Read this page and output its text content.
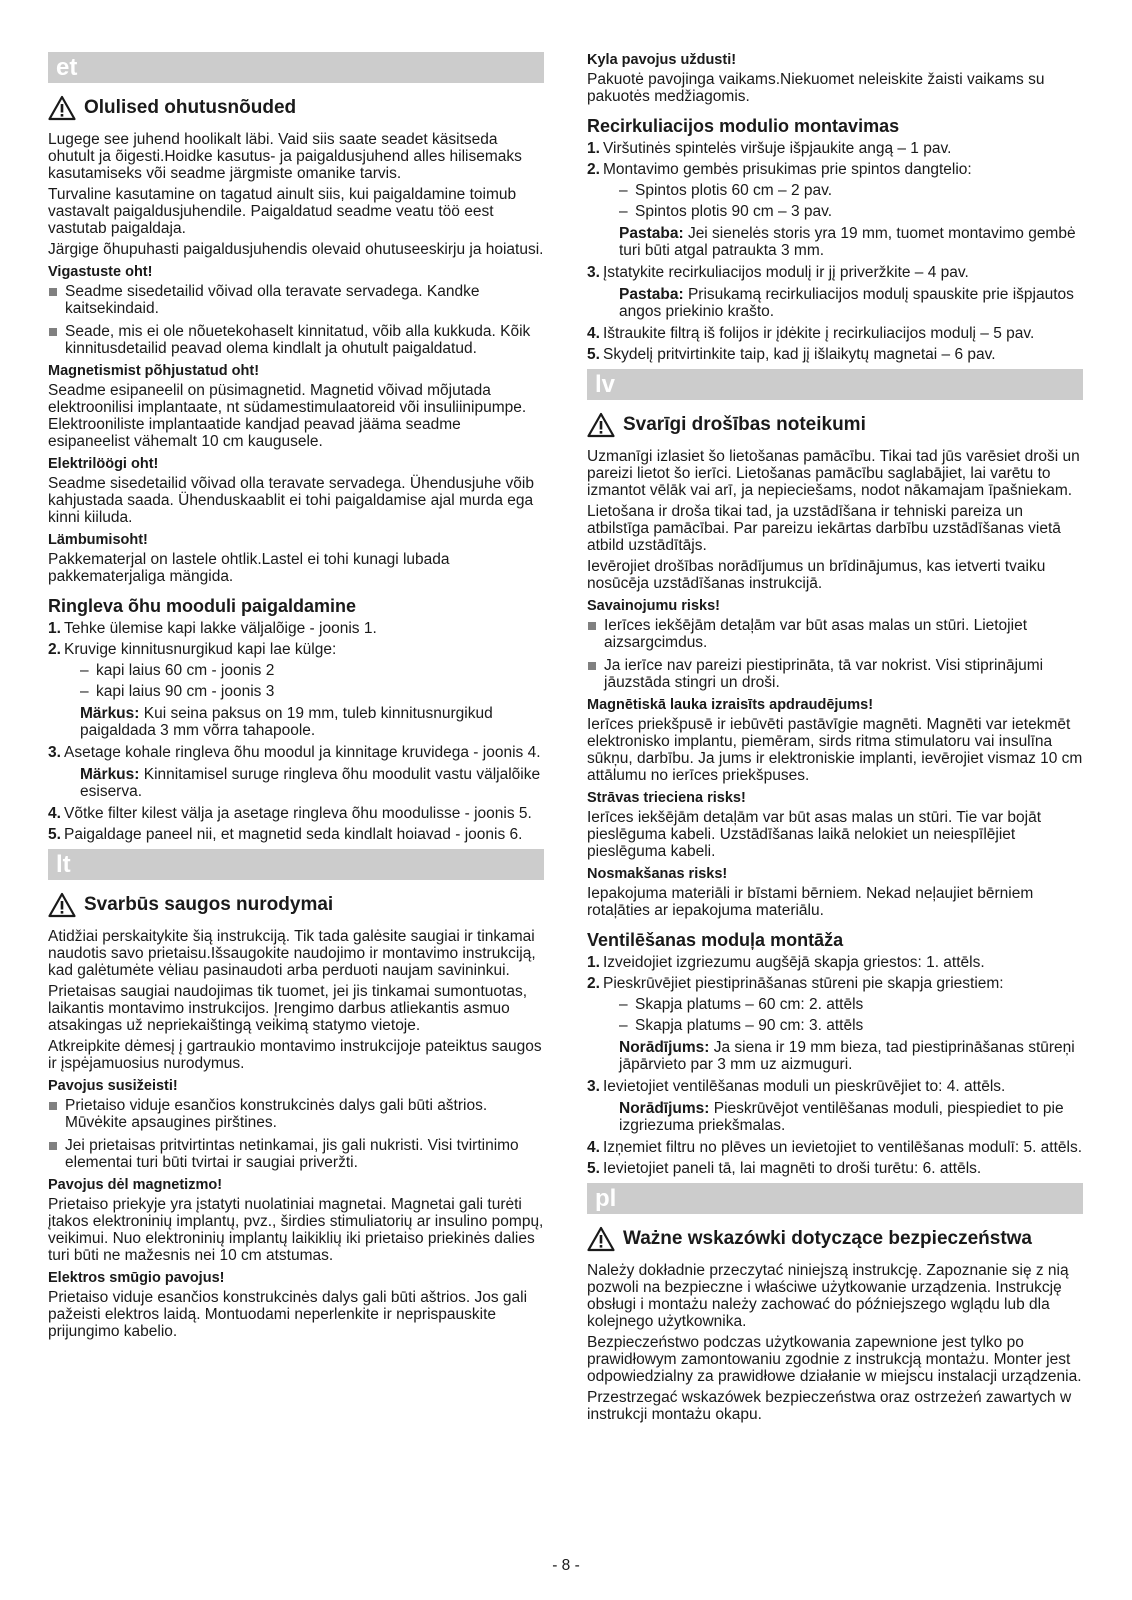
et
Olulised ohutusnõuded

Lugege see juhend hoolikalt läbi. Vaid siis saate seadet käsitseda ohutult ja õigesti.Hoidke kasutus- ja paigaldusjuhend alles hilisemaks kasutamiseks või seadme järgmiste omanike tarvis.

Turvaline kasutamine on tagatud ainult siis, kui paigaldamine toimub vastavalt paigaldusjuhendile. Paigaldatud seadme veatu töö eest vastutab paigaldaja.

Järgige õhupuhasti paigaldusjuhendis olevaid ohutuseeskirju ja hoiatusi.

Vigastuste oht!
Seadme sisedetailid võivad olla teravate servadega. Kandke kaitsekindaid.
Seade, mis ei ole nõuetekohaselt kinnitatud, võib alla kukkuda. Kõik kinnitusdetailid peavad olema kindlalt ja ohutult paigaldatud.
Magnetismist põhjustatud oht!

Seadme esipaneelil on püsimagnetid. Magnetid võivad mõjutada elektroonilisi implantaate, nt südamestimulaatoreid või insuliinipumpe. Elektrooniliste implantaatide kandjad peavad jääma seadme esipaneelist vähemalt 10 cm kaugusele.

Elektrilöögi oht!

Seadme sisedetailid võivad olla teravate servadega. Ühendusjuhe võib kahjustada saada. Ühenduskaablit ei tohi paigaldamise ajal murda ega kinni kiiluda.

Lämbumisoht!

Pakkematerjal on lastele ohtlik.Lastel ei tohi kunagi lubada pakkematerjaliga mängida.

Ringleva õhu mooduli paigaldamine
1. Tehke ülemise kapi lakke väljalõige - joonis 1.
2. Kruvige kinnitusnurgikud kapi lae külge:
– kapi laius 60 cm - joonis 2
– kapi laius 90 cm - joonis 3
Märkus: Kui seina paksus on 19 mm, tuleb kinnitusnurgikud paigaldada 3 mm võrra tahapoole.
3. Asetage kohale ringleva õhu moodul ja kinnitage kruvidega - joonis 4.
Märkus: Kinnitamisel suruge ringleva õhu moodulit vastu väljalõike esiserva.
4. Võtke filter kilest välja ja asetage ringleva õhu moodulisse - joonis 5.
5. Paigaldage paneel nii, et magnetid seda kindlalt hoiavad - joonis 6.
lt
Svarbūs saugos nurodymai

Atidžiai perskaitykite šią instrukciją. Tik tada galėsite saugiai ir tinkamai naudotis savo prietaisu.Išsaugokite naudojimo ir montavimo instrukciją, kad galėtumėte vėliau pasinaudoti arba perduoti naujam savininkui.

Prietaisas saugiai naudojimas tik tuomet, jei jis tinkamai sumontuotas, laikantis montavimo instrukcijos. Įrengimo darbus atliekantis asmuo atsakingas už nepriekaištingą veikimą statymo vietoje.

Atkreipkite dėmesį į gartraukio montavimo instrukcijoje pateiktus saugos ir įspėjamuosius nurodymus.

Pavojus susižeisti!
Prietaiso viduje esančios konstrukcinės dalys gali būti aštrios. Mūvėkite apsaugines pirštines.
Jei prietaisas pritvirtintas netinkamai, jis gali nukristi. Visi tvirtinimo elementai turi būti tvirtai ir saugiai priveržti.
Pavojus dėl magnetizmo!

Prietaiso priekyje yra įstatyti nuolatiniai magnetai. Magnetai gali turėti įtakos elektroninių implantų, pvz., širdies stimuliatorių ar insulino pompų, veikimui. Nuo elektroninių implantų laikiklių iki prietaiso priekinės dalies turi būti ne mažesnis nei 10 cm atstumas.

Elektros smūgio pavojus!

Prietaiso viduje esančios konstrukcinės dalys gali būti aštrios. Jos gali pažeisti elektros laidą. Montuodami neperlenkite ir neprispauskite prijungimo kabelio.

Kyla pavojus uždusti!

Pakuotė pavojinga vaikams.Niekuomet neleiskite žaisti vaikams su pakuotės medžiagomis.

Recirkuliacijos modulio montavimas
1. Viršutinės spintelės viršuje išpjaukite angą – 1 pav.
2. Montavimo gembės prisukimas prie spintos dangtelio:
– Spintos plotis 60 cm – 2 pav.
– Spintos plotis 90 cm – 3 pav.
Pastaba: Jei sienelės storis yra 19 mm, tuomet montavimo gembė turi būti atgal patraukta 3 mm.
3. Įstatykite recirkuliacijos modulį ir jį priveržkite – 4 pav.
Pastaba: Prisukamą recirkuliacijos modulį spauskite prie išpjautos angos priekinio krašto.
4. Ištraukite filtrą iš folijos ir įdėkite į recirkuliacijos modulį – 5 pav.
5. Skydelį pritvirtinkite taip, kad jį išlaikytų magnetai – 6 pav.
lv
Svarīgi drošības noteikumi

Uzmanīgi izlasiet šo lietošanas pamācību. Tikai tad jūs varēsiet droši un pareizi lietot šo ierīci. Lietošanas pamācību saglabājiet, lai varētu to izmantot vēlāk vai arī, ja nepieciešams, nodot nākamajam īpašniekam.

Lietošana ir droša tikai tad, ja uzstādīšana ir tehniski pareiza un atbilstīga pamācībai. Par pareizu iekārtas darbību uzstādīšanas vietā atbild uzstādītājs.

Ievērojiet drošības norādījumus un brīdinājumus, kas ietverti tvaiku nosūcēja uzstādīšanas instrukcijā.

Savainojumu risks!
Ierīces iekšējām detaļām var būt asas malas un stūri. Lietojiet aizsargcimdus.
Ja ierīce nav pareizi piestiprināta, tā var nokrist. Visi stiprinājumi jāuzstāda stingri un droši.
Magnētiskā lauka izraisīts apdraudējums!

Ierīces priekšpusē ir iebūvēti pastāvīgie magnēti. Magnēti var ietekmēt elektronisko implantu, piemēram, sirds ritma stimulatoru vai insulīna sūkņu, darbību. Ja jums ir elektroniskie implanti, ievērojiet vismaz 10 cm attālumu no ierīces priekšpuses.

Strāvas trieciena risks!

Ierīces iekšējām detaļām var būt asas malas un stūri. Tie var bojāt pieslēguma kabeli. Uzstādīšanas laikā nelokiet un neiespīlējiet pieslēguma kabeli.

Nosmakšanas risks!

Iepakojuma materiāli ir bīstami bērniem. Nekad neļaujiet bērniem rotaļāties ar iepakojuma materiālu.

Ventilēšanas moduļa montāža
1. Izveidojiet izgriezumu augšējā skapja griestos: 1. attēls.
2. Pieskrūvējiet piestiprināšanas stūreni pie skapja griestiem:
– Skapja platums – 60 cm: 2. attēls
– Skapja platums – 90 cm: 3. attēls
Norādījums: Ja siena ir 19 mm bieza, tad piestiprināšanas stūreņi jāpārvieto par 3 mm uz aizmuguri.
3. Ievietojiet ventilēšanas moduli un pieskrūvējiet to: 4. attēls.
Norādījums: Pieskrūvējot ventilēšanas moduli, piespiediet to pie izgriezuma priekšmalas.
4. Izņemiet filtru no plēves un ievietojiet to ventilēšanas modulī: 5. attēls.
5. Ievietojiet paneli tā, lai magnēti to droši turētu: 6. attēls.
pl
Ważne wskazówki dotyczące bezpieczeństwa

Należy dokładnie przeczytać niniejszą instrukcję. Zapoznanie się z nią pozwoli na bezpieczne i właściwe użytkowanie urządzenia. Instrukcję obsługi i montażu należy zachować do późniejszego wglądu lub dla kolejnego użytkownika.

Bezpieczeństwo podczas użytkowania zapewnione jest tylko po prawidłowym zamontowaniu zgodnie z instrukcją montażu. Monter jest odpowiedzialny za prawidłowe działanie w miejscu instalacji urządzenia.

Przestrzegać wskazówek bezpieczeństwa oraz ostrzeżeń zawartych w instrukcji montażu okapu.

- 8 -
